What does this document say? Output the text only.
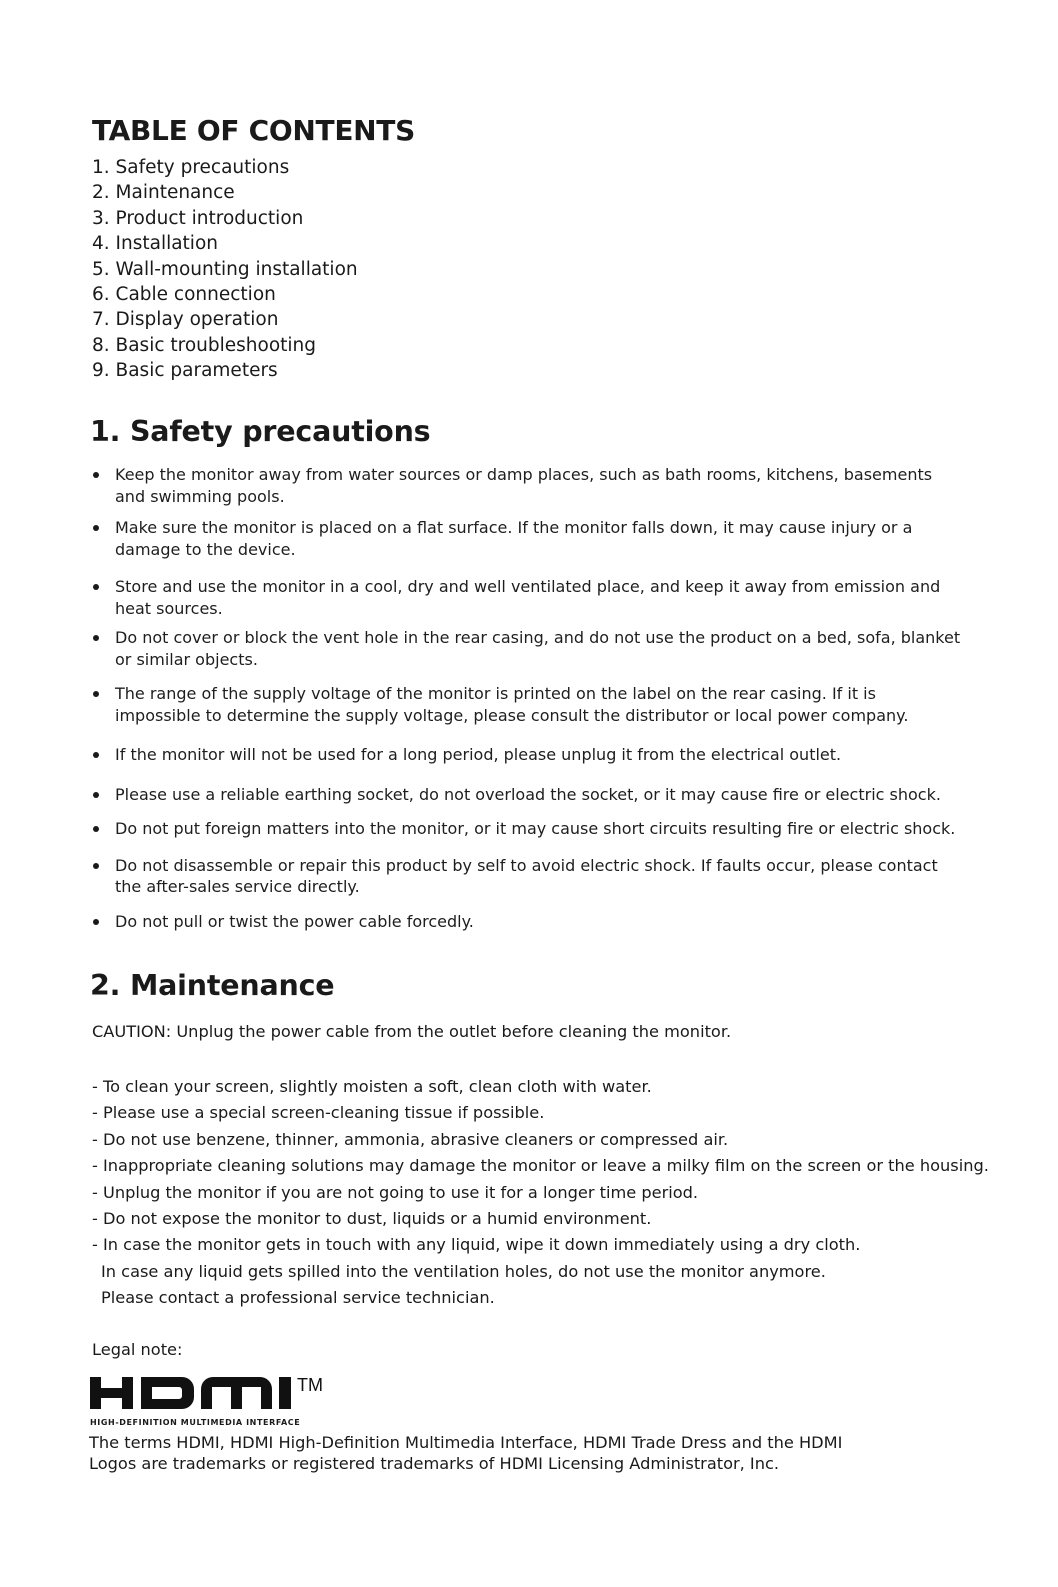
TABLE OF CONTENTS
1. Safety precautions
2. Maintenance
3. Product introduction
4. Installation
5. Wall-mounting installation
6. Cable connection
7. Display operation
8. Basic troubleshooting
9. Basic parameters
1. Safety precautions
Keep the monitor away from water sources or damp places, such as bath rooms, kitchens, basements and swimming pools.
Make sure the monitor is placed on a flat surface. If the monitor falls down, it may cause injury or a damage to the device.
Store and use the monitor in a cool, dry and well ventilated place, and keep it away from emission and heat sources.
Do not cover or block the vent hole in the rear casing, and do not use the product on a bed, sofa, blanket or similar objects.
The range of the supply voltage of the monitor is printed on the label on the rear casing. If it is impossible to determine the supply voltage, please consult the distributor or local power company.
If the monitor will not be used for a long period, please unplug it from the electrical outlet.
Please use a reliable earthing socket, do not overload the socket, or it may cause fire or electric shock.
Do not put foreign matters into the monitor, or it may cause short circuits resulting fire or electric shock.
Do not disassemble or repair this product by self to avoid electric shock. If faults occur, please contact the after-sales service directly.
Do not pull or twist the power cable forcedly.
2. Maintenance
CAUTION: Unplug the power cable from the outlet before cleaning the monitor.
- To clean your screen, slightly moisten a soft, clean cloth with water.
- Please use a special screen-cleaning tissue if possible.
- Do not use benzene, thinner, ammonia, abrasive cleaners or compressed air.
- Inappropriate cleaning solutions may damage the monitor or leave a milky film on the screen or the housing.
- Unplug the monitor if you are not going to use it for a longer time period.
- Do not expose the monitor to dust, liquids or a humid environment.
- In case the monitor gets in touch with any liquid, wipe it down immediately using a dry cloth.
In case any liquid gets spilled into the ventilation holes, do not use the monitor anymore.
Please contact a professional service technician.
Legal note:
TM
HIGH-DEFINITION MULTIMEDIA INTERFACE
The terms HDMI, HDMI High-Definition Multimedia Interface, HDMI Trade Dress and the HDMI Logos are trademarks or registered trademarks of HDMI Licensing Administrator, Inc.
